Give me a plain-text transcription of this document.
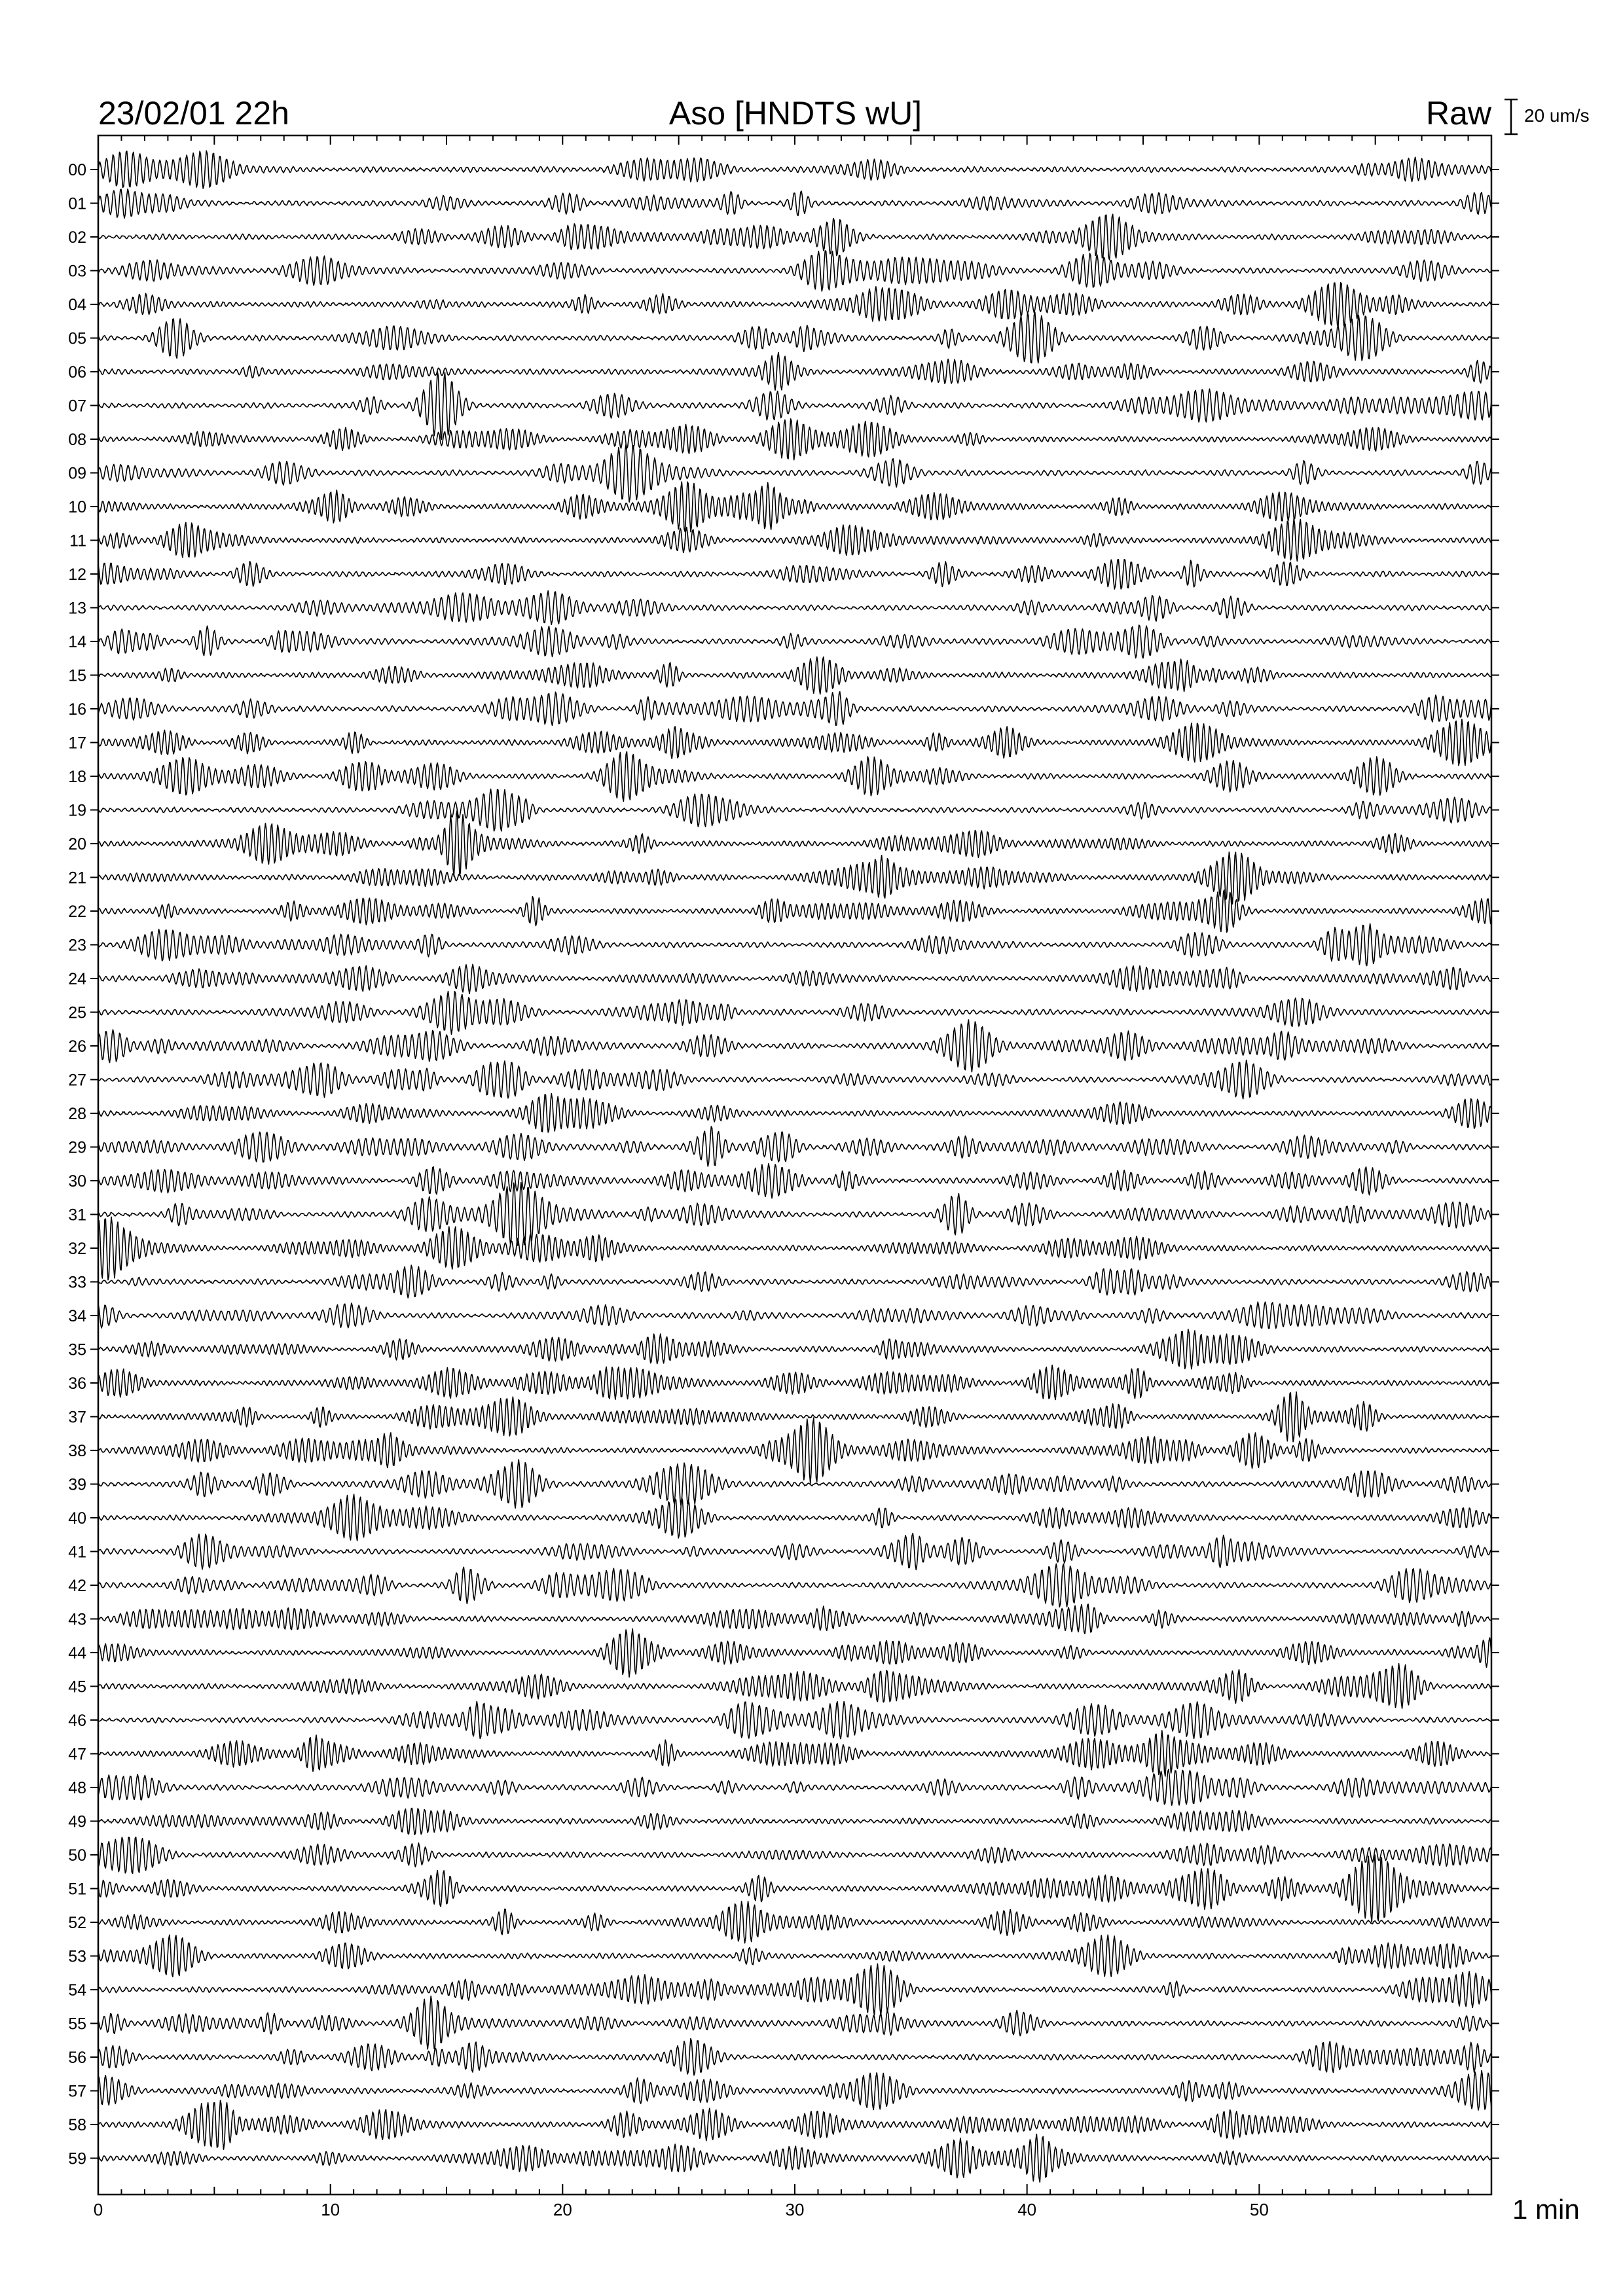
23/02/01 22h	Aso [HNDTS wU]	Raw 20 um/s
0	10	20	30	40	50
00
01
02
03
04
05
06
07
08
09
10
11
12
13
14
15
16
17
18
19
20
21
22
23
24
25
26
27
28
29
30
31
32
33
34
35
36
37
38
39
40
41
42
43
44
45
46
47
48
49
50
51
52
53
54
55
56
57
58
59
1 min
